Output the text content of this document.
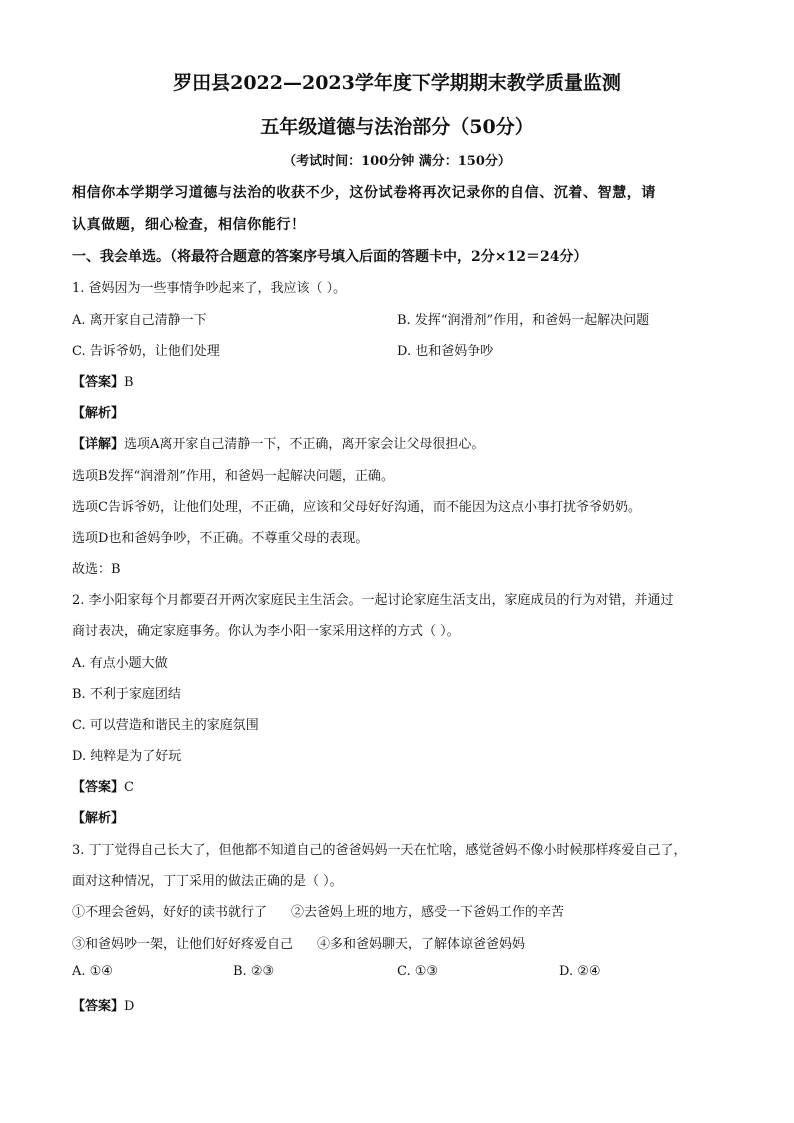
罗田县2022—2023学年度下学期期末教学质量监测
五年级道德与法治部分（50分）
（考试时间：100分钟 满分：150分）
相信你本学期学习道德与法治的收获不少，这份试卷将再次记录你的自信、沉着、智慧，请
认真做题，细心检查，相信你能行！
一、我会单选。（将最符合题意的答案序号填入后面的答题卡中，2分×12＝24分）
1. 爸妈因为一些事情争吵起来了，我应该（ ）。
A. 离开家自己清静一下	B. 发挥“润滑剂”作用，和爸妈一起解决问题
C. 告诉爷奶，让他们处理	D. 也和爸妈争吵
【答案】B
【解析】
【详解】选项A离开家自己清静一下，不正确，离开家会让父母很担心。
选项B发挥“润滑剂”作用，和爸妈一起解决问题，正确。
选项C告诉爷奶，让他们处理，不正确，应该和父母好好沟通，而不能因为这点小事打扰爷爷奶奶。
选项D也和爸妈争吵，不正确。不尊重父母的表现。
故选：B
2. 李小阳家每个月都要召开两次家庭民主生活会。一起讨论家庭生活支出，家庭成员的行为对错，并通过
商讨表决，确定家庭事务。你认为李小阳一家采用这样的方式（ ）。
A. 有点小题大做
B. 不利于家庭团结
C. 可以营造和谐民主的家庭氛围
D. 纯粹是为了好玩
【答案】C
【解析】
3. 丁丁觉得自己长大了，但他都不知道自己的爸爸妈妈一天在忙啥，感觉爸妈不像小时候那样疼爱自己了，
面对这种情况，丁丁采用的做法正确的是（ ）。
①不理会爸妈，好好的读书就行了 ②去爸妈上班的地方，感受一下爸妈工作的辛苦
③和爸妈吵一架，让他们好好疼爱自己 ④多和爸妈聊天，了解体谅爸爸妈妈
A. ①④	B. ②③	C. ①③	D. ②④
【答案】D
